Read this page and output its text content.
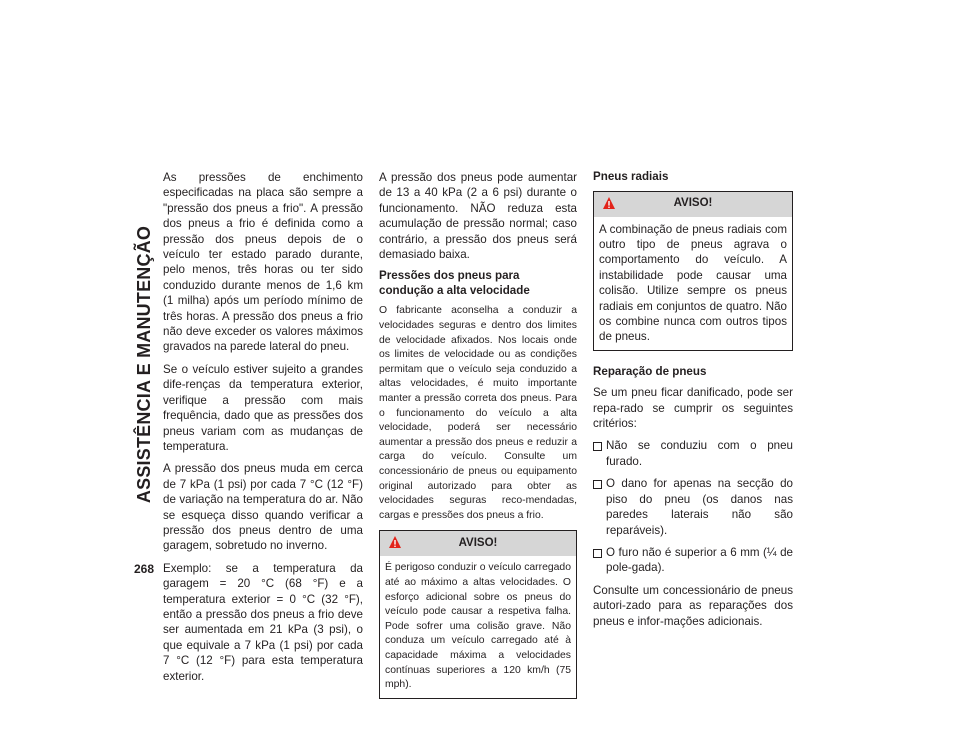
ASSISTÊNCIA E MANUTENÇÃO
268

As pressões de enchimento especificadas na placa são sempre a "pressão dos pneus a frio". A pressão dos pneus a frio é definida como a pressão dos pneus depois de o veículo ter estado parado durante, pelo menos, três horas ou ter sido conduzido durante menos de 1,6 km (1 milha) após um período mínimo de três horas. A pressão dos pneus a frio não deve exceder os valores máximos gravados na parede lateral do pneu.

Se o veículo estiver sujeito a grandes dife-renças da temperatura exterior, verifique a pressão com mais frequência, dado que as pressões dos pneus variam com as mudanças de temperatura.

A pressão dos pneus muda em cerca de 7 kPa (1 psi) por cada 7 °C (12 °F) de variação na temperatura do ar. Não se esqueça disso quando verificar a pressão dos pneus dentro de uma garagem, sobretudo no inverno.

Exemplo: se a temperatura da garagem = 20 °C (68 °F) e a temperatura exterior = 0 °C (32 °F), então a pressão dos pneus a frio deve ser aumentada em 21 kPa (3 psi), o que equivale a 7 kPa (1 psi) por cada 7 °C (12 °F) para esta temperatura exterior.

A pressão dos pneus pode aumentar de 13 a 40 kPa (2 a 6 psi) durante o funcionamento. NÃO reduza esta acumulação de pressão normal; caso contrário, a pressão dos pneus será demasiado baixa.

Pressões dos pneus para condução a alta velocidade

O fabricante aconselha a conduzir a velocidades seguras e dentro dos limites de velocidade afixados. Nos locais onde os limites de velocidade ou as condições permitam que o veículo seja conduzido a altas velocidades, é muito importante manter a pressão correta dos pneus. Para o funcionamento do veículo a alta velocidade, poderá ser necessário aumentar a pressão dos pneus e reduzir a carga do veículo. Consulte um concessionário de pneus ou equipamento original autorizado para obter as velocidades seguras reco-mendadas, cargas e pressões dos pneus a frio.

AVISO!
É perigoso conduzir o veículo carregado até ao máximo a altas velocidades. O esforço adicional sobre os pneus do veículo pode causar a respetiva falha. Pode sofrer uma colisão grave. Não conduza um veículo carregado até à capacidade máxima a velocidades contínuas superiores a 120 km/h (75 mph).
Pneus radiais
AVISO!
A combinação de pneus radiais com outro tipo de pneus agrava o comportamento do veículo. A instabilidade pode causar uma colisão. Utilize sempre os pneus radiais em conjuntos de quatro. Não os combine nunca com outros tipos de pneus.
Reparação de pneus

Se um pneu ficar danificado, pode ser repa-rado se cumprir os seguintes critérios:

Não se conduziu com o pneu furado.
O dano for apenas na secção do piso do pneu (os danos nas paredes laterais não são reparáveis).
O furo não é superior a 6 mm (¼ de pole-gada).

Consulte um concessionário de pneus autori-zado para as reparações dos pneus e infor-mações adicionais.
